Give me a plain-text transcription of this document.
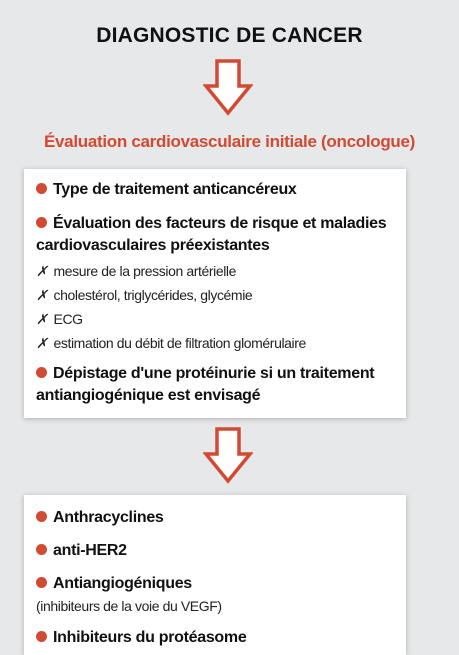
DIAGNOSTIC DE CANCER
Évaluation cardiovasculaire initiale (oncologue)
Type de traitement anticancéreux
Évaluation des facteurs de risque et maladies
cardiovasculaires préexistantes
✗ mesure de la pression artérielle
✗ cholestérol, triglycérides, glycémie
✗ ECG
✗ estimation du débit de filtration glomérulaire
Dépistage d'une protéinurie si un traitement
antiangiogénique est envisagé
Anthracyclines
anti-HER2
Antiangiogéniques
(inhibiteurs de la voie du VEGF)
Inhibiteurs du protéasome
